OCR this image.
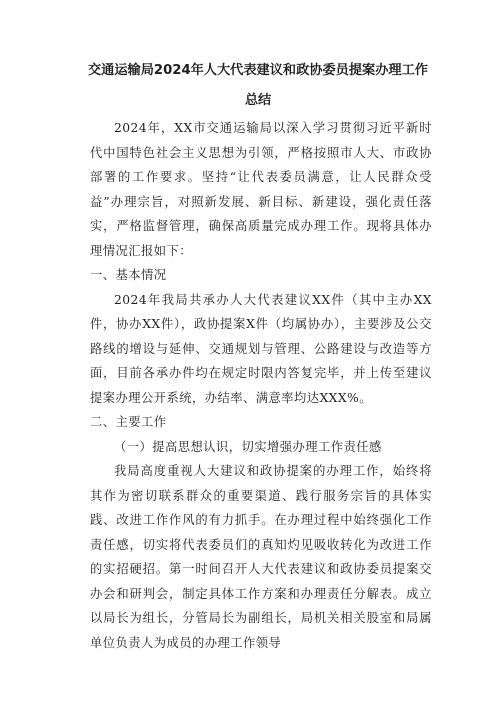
交通运输局2024年人大代表建议和政协委员提案办理工作
总结

2024年，XX市交通运输局以深入学习贯彻习近平新时代中国特色社会主义思想为引领，严格按照市人大、市政协部署的工作要求。坚持“让代表委员满意，让人民群众受益”办理宗旨，对照新发展、新目标、新建设，强化责任落实，严格监督管理，确保高质量完成办理工作。现将具体办理情况汇报如下：

一、基本情况

2024年我局共承办人大代表建议XX件（其中主办XX件，协办XX件），政协提案X件（均属协办），主要涉及公交路线的增设与延伸、交通规划与管理、公路建设与改造等方面，目前各承办件均在规定时限内答复完毕，并上传至建议提案办理公开系统，办结率、满意率均达XXX%。

二、主要工作

（一）提高思想认识，切实增强办理工作责任感

我局高度重视人大建议和政协提案的办理工作，始终将其作为密切联系群众的重要渠道、践行服务宗旨的具体实践、改进工作作风的有力抓手。在办理过程中始终强化工作责任感，切实将代表委员们的真知灼见吸收转化为改进工作的实招硬招。第一时间召开人大代表建议和政协委员提案交办会和研判会，制定具体工作方案和办理责任分解表。成立以局长为组长，分管局长为副组长，局机关相关股室和局属单位负责人为成员的办理工作领导
